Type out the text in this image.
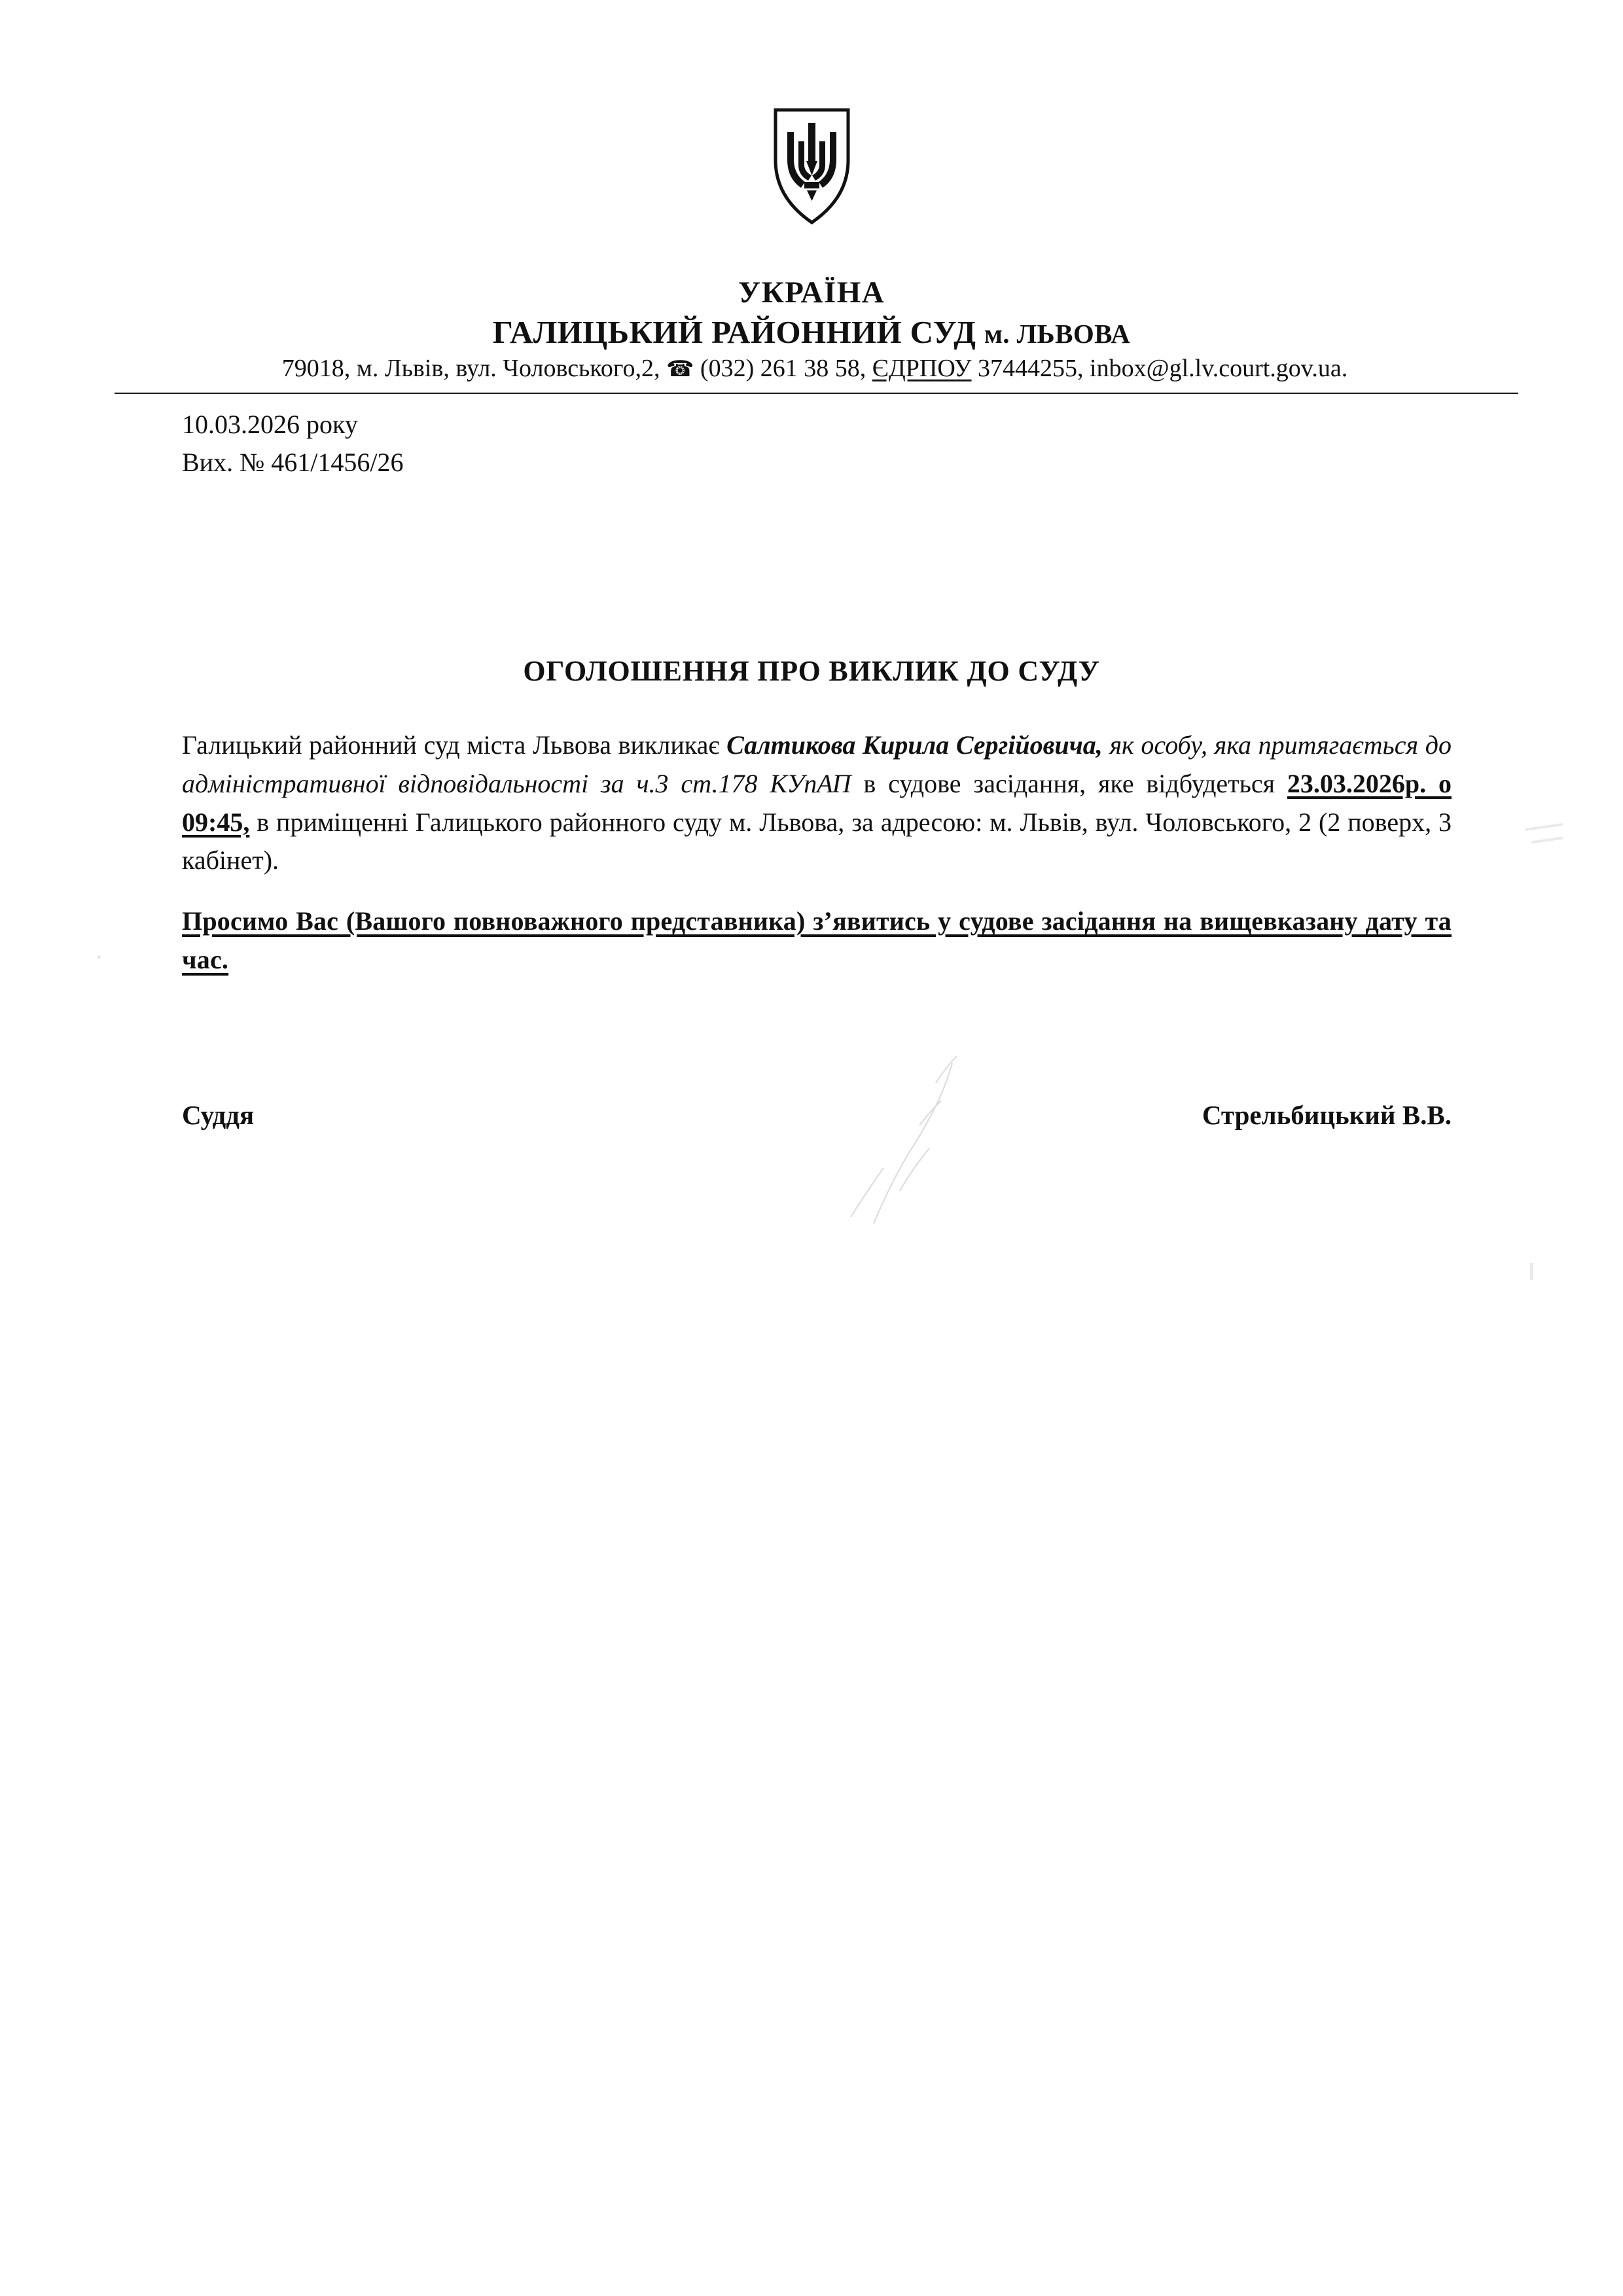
УКРАЇНА
ГАЛИЦЬКИЙ РАЙОННИЙ СУД м. ЛЬВОВА
79018, м. Львів, вул. Чоловського,2, ☎ (032) 261 38 58, ЄДРПОУ 37444255, inbox@gl.lv.court.gov.ua.
10.03.2026 року
Вих. № 461/1456/26
ОГОЛОШЕННЯ ПРО ВИКЛИК ДО СУДУ

Галицький районний суд міста Львова викликає Салтикова Кирила Сергійовича, як особу, яка притягається до адміністративної відповідальності за ч.3 ст.178 КУпАП в судове засідання, яке відбудеться 23.03.2026р. о 09:45, в приміщенні Галицького районного суду м. Львова, за адресою: м. Львів, вул. Чоловського, 2 (2 поверх, 3 кабінет).

Просимо Вас (Вашого повноважного представника) з’явитись у судове засідання на вищевказану дату та час.

Суддя	Стрельбицький В.В.
